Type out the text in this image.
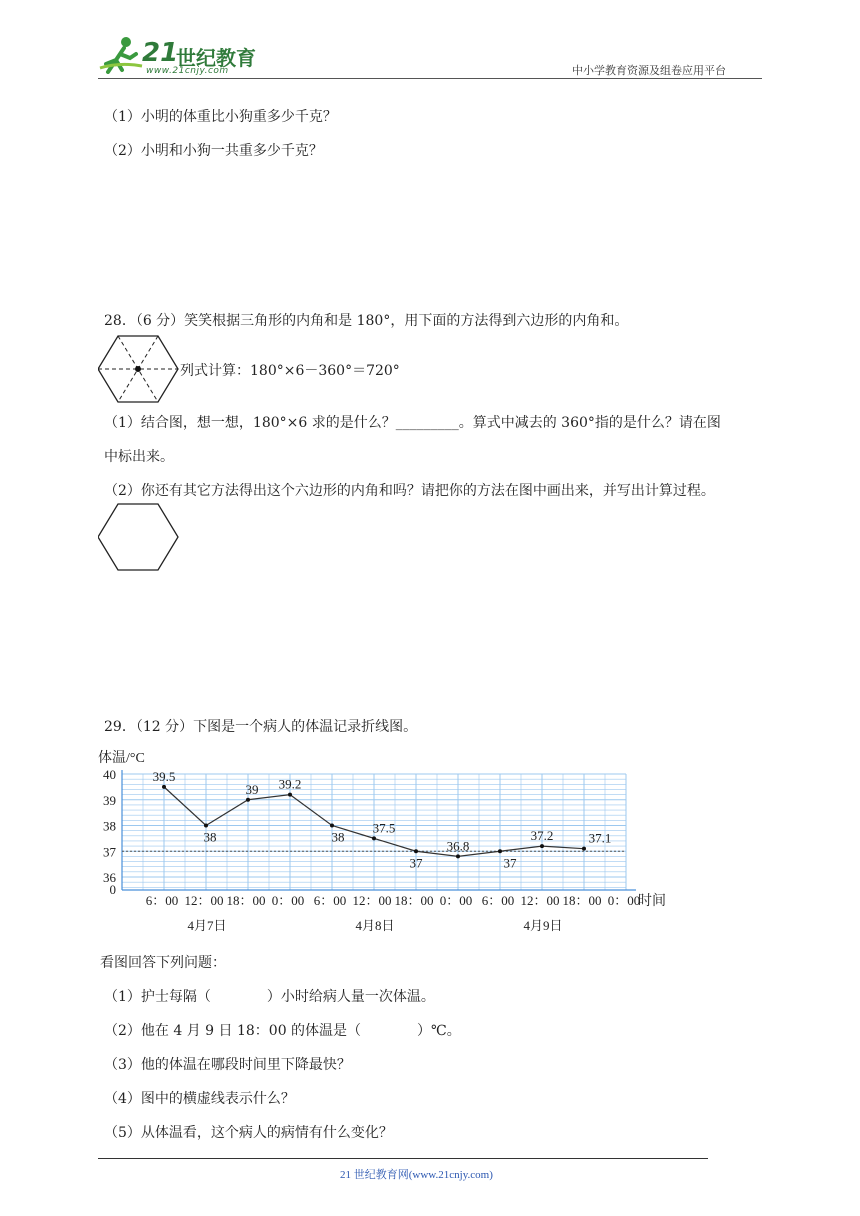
21
世纪教育
www.21cnjy.com	中小学教育资源及组卷应用平台
（1）小明的体重比小狗重多少千克？
（2）小明和小狗一共重多少千克？
28．（6 分）笑笑根据三角形的内角和是 180°，用下面的方法得到六边形的内角和。
列式计算：180°×6－360°＝720°
（1）结合图，想一想，180°×6 求的是什么？_________。算式中减去的 360°指的是什么？请在图
中标出来。
（2）你还有其它方法得出这个六边形的内角和吗？请把你的方法在图中画出来，并写出计算过程。
29．（12 分）下图是一个病人的体温记录折线图。
体温/°C
0
36
37
38
39
40
6：00 12：00 18：00 0：00 6：00 12：00 18：00 0：00 6：00 12：00 18：00 0：00
时间
4月7日	4月8日	4月9日
39.5
38
39 39.2
38
37.5
37
36.8
37
37.2	37.1
看图回答下列问题：
（1）护士每隔（　　　　）小时给病人量一次体温。
（2）他在 4 月 9 日 18：00 的体温是（　　　　）℃。
（3）他的体温在哪段时间里下降最快？
（4）图中的横虚线表示什么？
（5）从体温看，这个病人的病情有什么变化？
21 世纪教育网(www.21cnjy.com)
